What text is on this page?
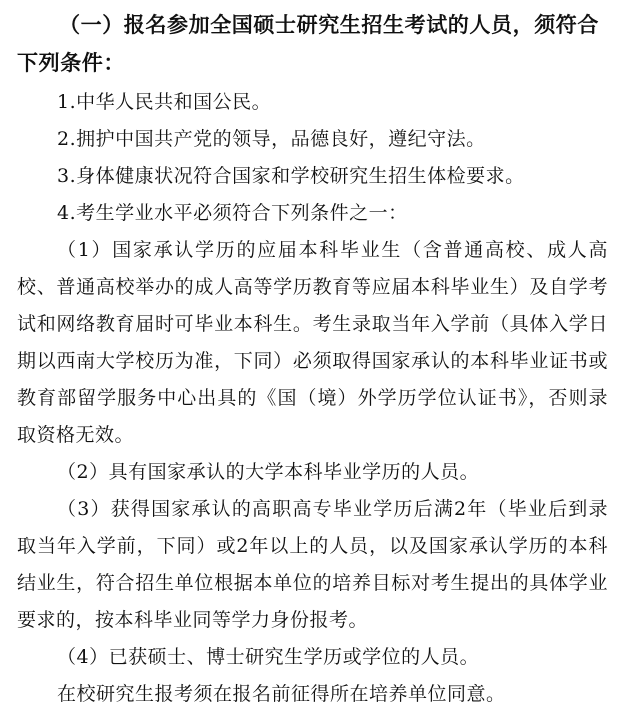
（一）报名参加全国硕士研究生招生考试的人员，须符合下列条件：

1.中华人民共和国公民。

2.拥护中国共产党的领导，品德良好，遵纪守法。

3.身体健康状况符合国家和学校研究生招生体检要求。

4.考生学业水平必须符合下列条件之一：

（1）国家承认学历的应届本科毕业生（含普通高校、成人高校、普通高校举办的成人高等学历教育等应届本科毕业生）及自学考试和网络教育届时可毕业本科生。考生录取当年入学前（具体入学日期以西南大学校历为准，下同）必须取得国家承认的本科毕业证书或教育部留学服务中心出具的《国（境）外学历学位认证书》，否则录取资格无效。

（2）具有国家承认的大学本科毕业学历的人员。

（3）获得国家承认的高职高专毕业学历后满2年（毕业后到录取当年入学前，下同）或2年以上的人员，以及国家承认学历的本科结业生，符合招生单位根据本单位的培养目标对考生提出的具体学业要求的，按本科毕业同等学力身份报考。

（4）已获硕士、博士研究生学历或学位的人员。

在校研究生报考须在报名前征得所在培养单位同意。
